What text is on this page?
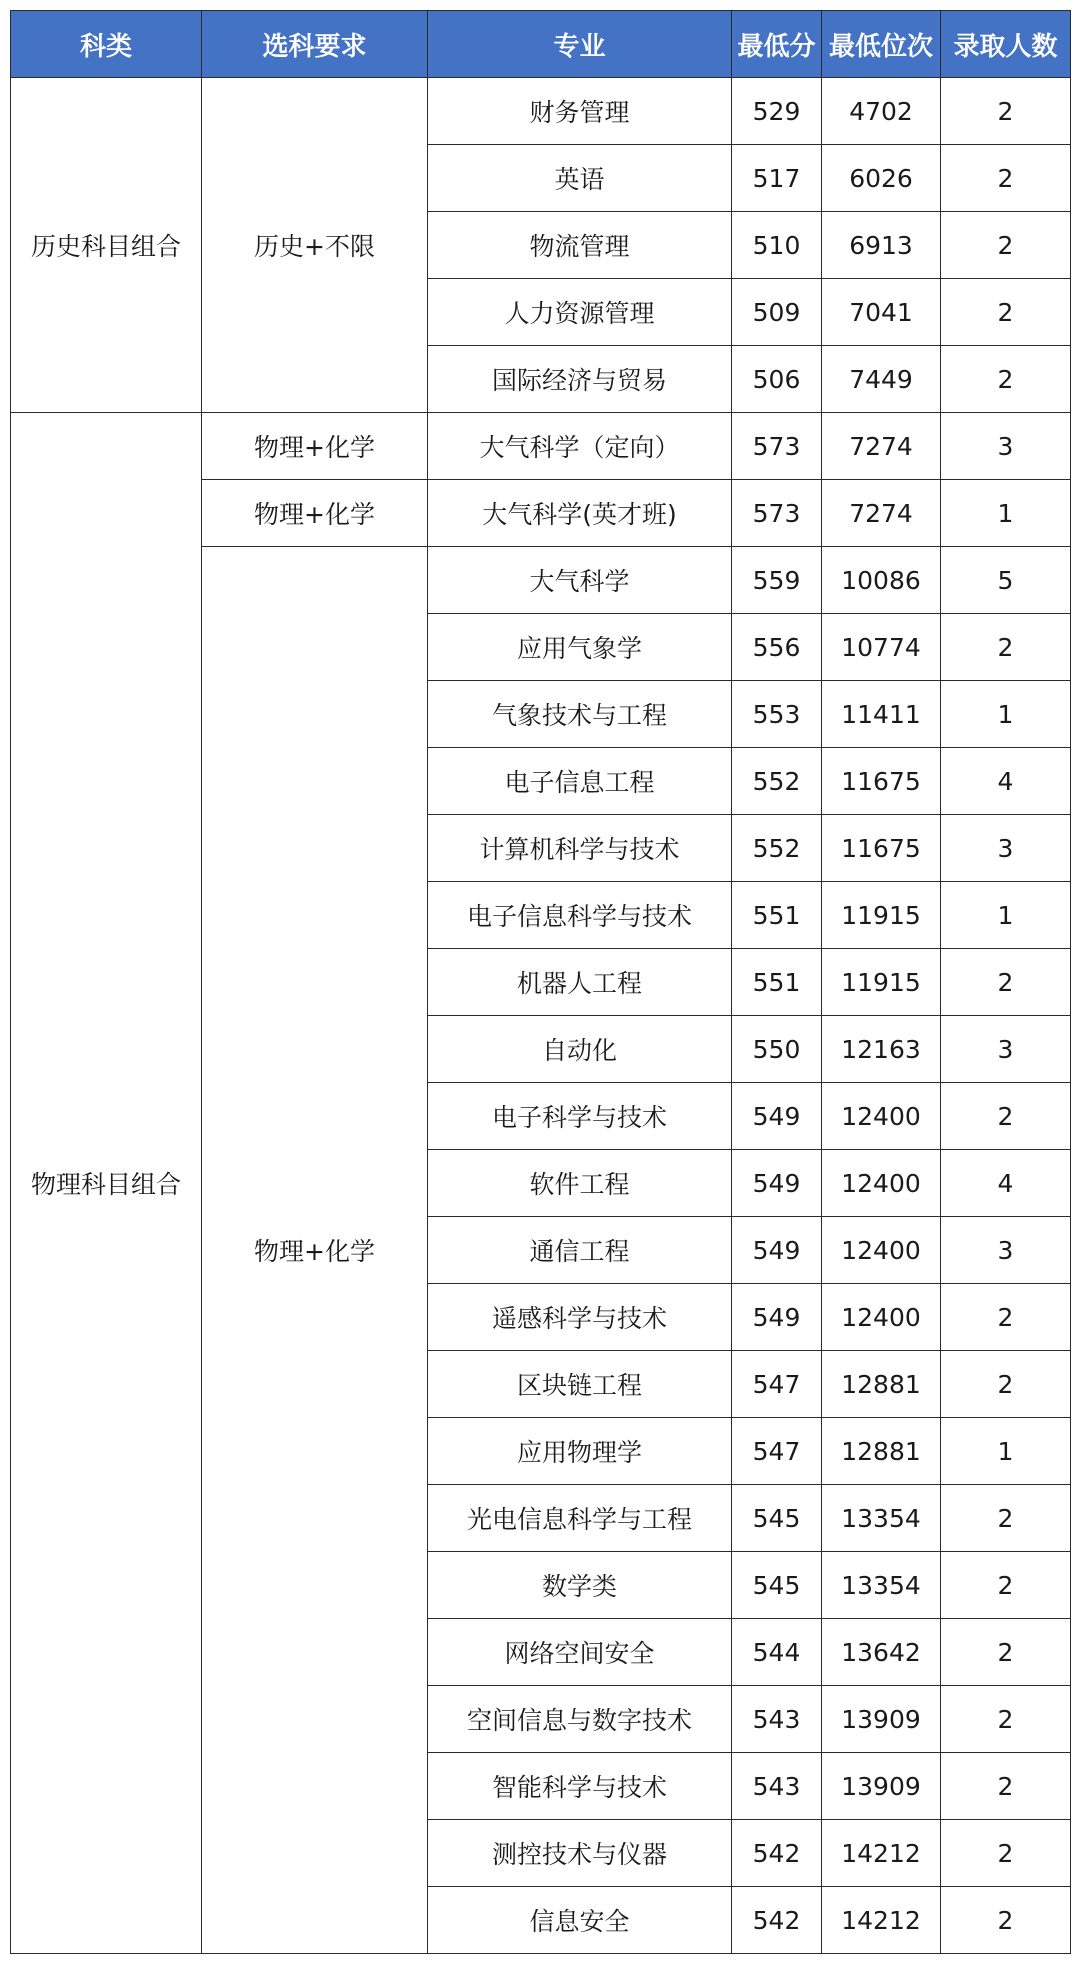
科类	选科要求	专业	最低分	最低位次	录取人数
历史科目组合	历史+不限	财务管理	529	4702	2
		英语	517	6026	2
		物流管理	510	6913	2
		人力资源管理	509	7041	2
		国际经济与贸易	506	7449	2
物理科目组合	物理+化学	大气科学（定向）	573	7274	3
	物理+化学	大气科学(英才班)	573	7274	1
	物理+化学	大气科学	559	10086	5
		应用气象学	556	10774	2
		气象技术与工程	553	11411	1
		电子信息工程	552	11675	4
		计算机科学与技术	552	11675	3
		电子信息科学与技术	551	11915	1
		机器人工程	551	11915	2
		自动化	550	12163	3
		电子科学与技术	549	12400	2
		软件工程	549	12400	4
		通信工程	549	12400	3
		遥感科学与技术	549	12400	2
		区块链工程	547	12881	2
		应用物理学	547	12881	1
		光电信息科学与工程	545	13354	2
		数学类	545	13354	2
		网络空间安全	544	13642	2
		空间信息与数字技术	543	13909	2
		智能科学与技术	543	13909	2
		测控技术与仪器	542	14212	2
		信息安全	542	14212	2
